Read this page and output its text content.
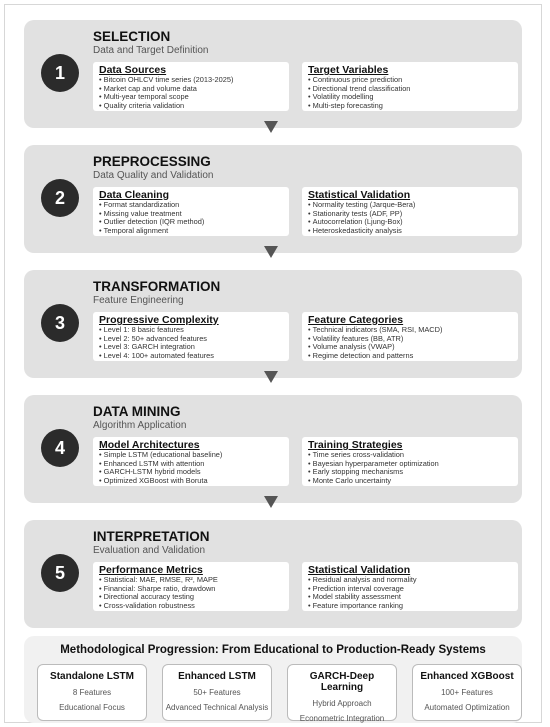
1
SELECTION
Data and Target Definition
Data Sources
• Bitcoin OHLCV time series (2013-2025)
• Market cap and volume data
• Multi-year temporal scope
• Quality criteria validation
Target Variables
• Continuous price prediction
• Directional trend classification
• Volatility modelling
• Multi-step forecasting
2
PREPROCESSING
Data Quality and Validation
Data Cleaning
• Format standardization
• Missing value treatment
• Outlier detection (IQR method)
• Temporal alignment
Statistical Validation
• Normality testing (Jarque-Bera)
• Stationarity tests (ADF, PP)
• Autocorrelation (Ljung-Box)
• Heteroskedasticity analysis
3
TRANSFORMATION
Feature Engineering
Progressive Complexity
• Level 1: 8 basic features
• Level 2: 50+ advanced features
• Level 3: GARCH integration
• Level 4: 100+ automated features
Feature Categories
• Technical indicators (SMA, RSI, MACD)
• Volatility features (BB, ATR)
• Volume analysis (VWAP)
• Regime detection and patterns
4
DATA MINING
Algorithm Application
Model Architectures
• Simple LSTM (educational baseline)
• Enhanced LSTM with attention
• GARCH-LSTM hybrid models
• Optimized XGBoost with Boruta
Training Strategies
• Time series cross-validation
• Bayesian hyperparameter optimization
• Early stopping mechanisms
• Monte Carlo uncertainty
5
INTERPRETATION
Evaluation and Validation
Performance Metrics
• Statistical: MAE, RMSE, R², MAPE
• Financial: Sharpe ratio, drawdown
• Directional accuracy testing
• Cross-validation robustness
Statistical Validation
• Residual analysis and normality
• Prediction interval coverage
• Model stability assessment
• Feature importance ranking
Methodological Progression: From Educational to Production-Ready Systems
Standalone LSTM
8 Features
Educational Focus
Enhanced LSTM
50+ Features
Advanced Technical Analysis
GARCH-Deep Learning
Hybrid Approach
Econometric Integration
Enhanced XGBoost
100+ Features
Automated Optimization
